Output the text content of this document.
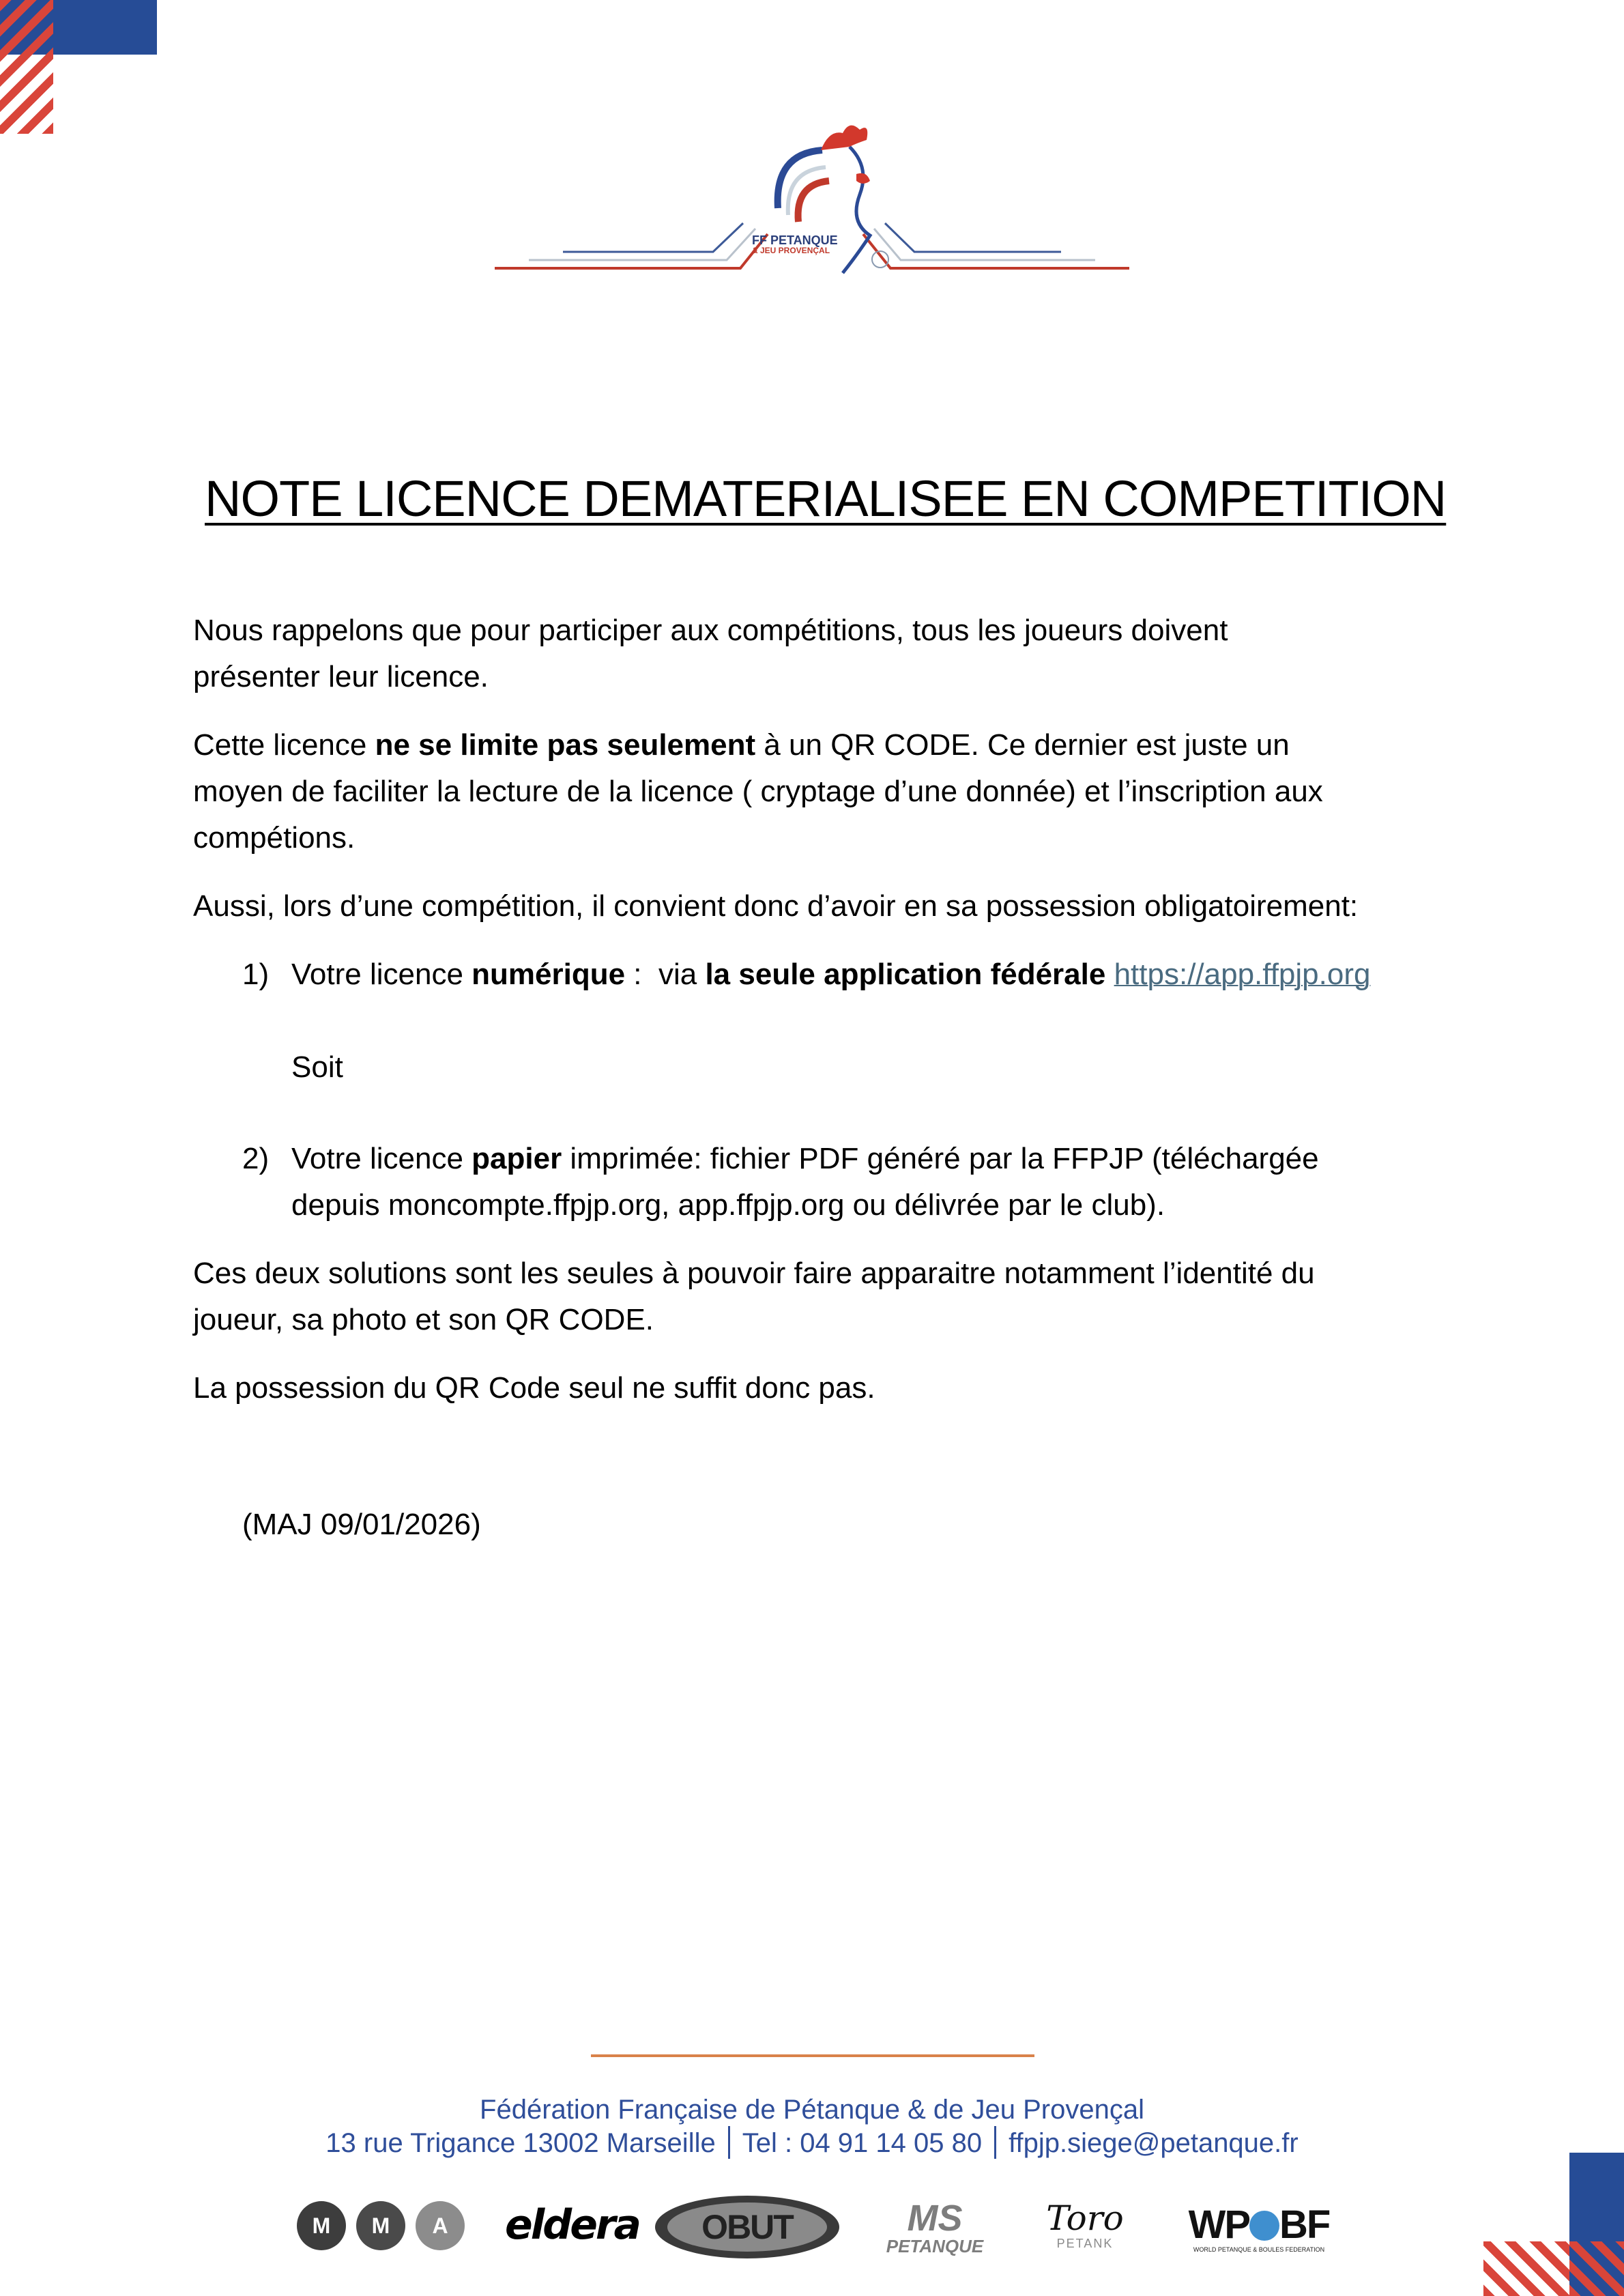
FF PETANQUE
& JEU PROVENÇAL
NOTE LICENCE DEMATERIALISEE EN COMPETITION
Nous rappelons que pour participer aux compétitions, tous les joueurs doivent
présenter leur licence.
Cette licence ne se limite pas seulement à un QR CODE. Ce dernier est juste un
moyen de faciliter la lecture de la licence ( cryptage d’une donnée) et l’inscription aux
compétions.
Aussi, lors d’une compétition, il convient donc d’avoir en sa possession obligatoirement:
1) Votre licence numérique :  via la seule application fédérale https://app.ffpjp.org
Soit
2) Votre licence papier imprimée: fichier PDF généré par la FFPJP (téléchargée
depuis moncompte.ffpjp.org, app.ffpjp.org ou délivrée par le club).
Ces deux solutions sont les seules à pouvoir faire apparaitre notamment l’identité du
joueur, sa photo et son QR CODE.
La possession du QR Code seul ne suffit donc pas.
(MAJ 09/01/2026)
Fédération Française de Pétanque & de Jeu Provençal
13 rue Trigance 13002 Marseille Tel : 04 91 14 05 80 ffpjp.siege@petanque.fr
M	M	A	eldera	OBUT	MS
PETANQUE
Toro
PETANK	WP BF
WORLD PETANQUE & BOULES FEDERATION
